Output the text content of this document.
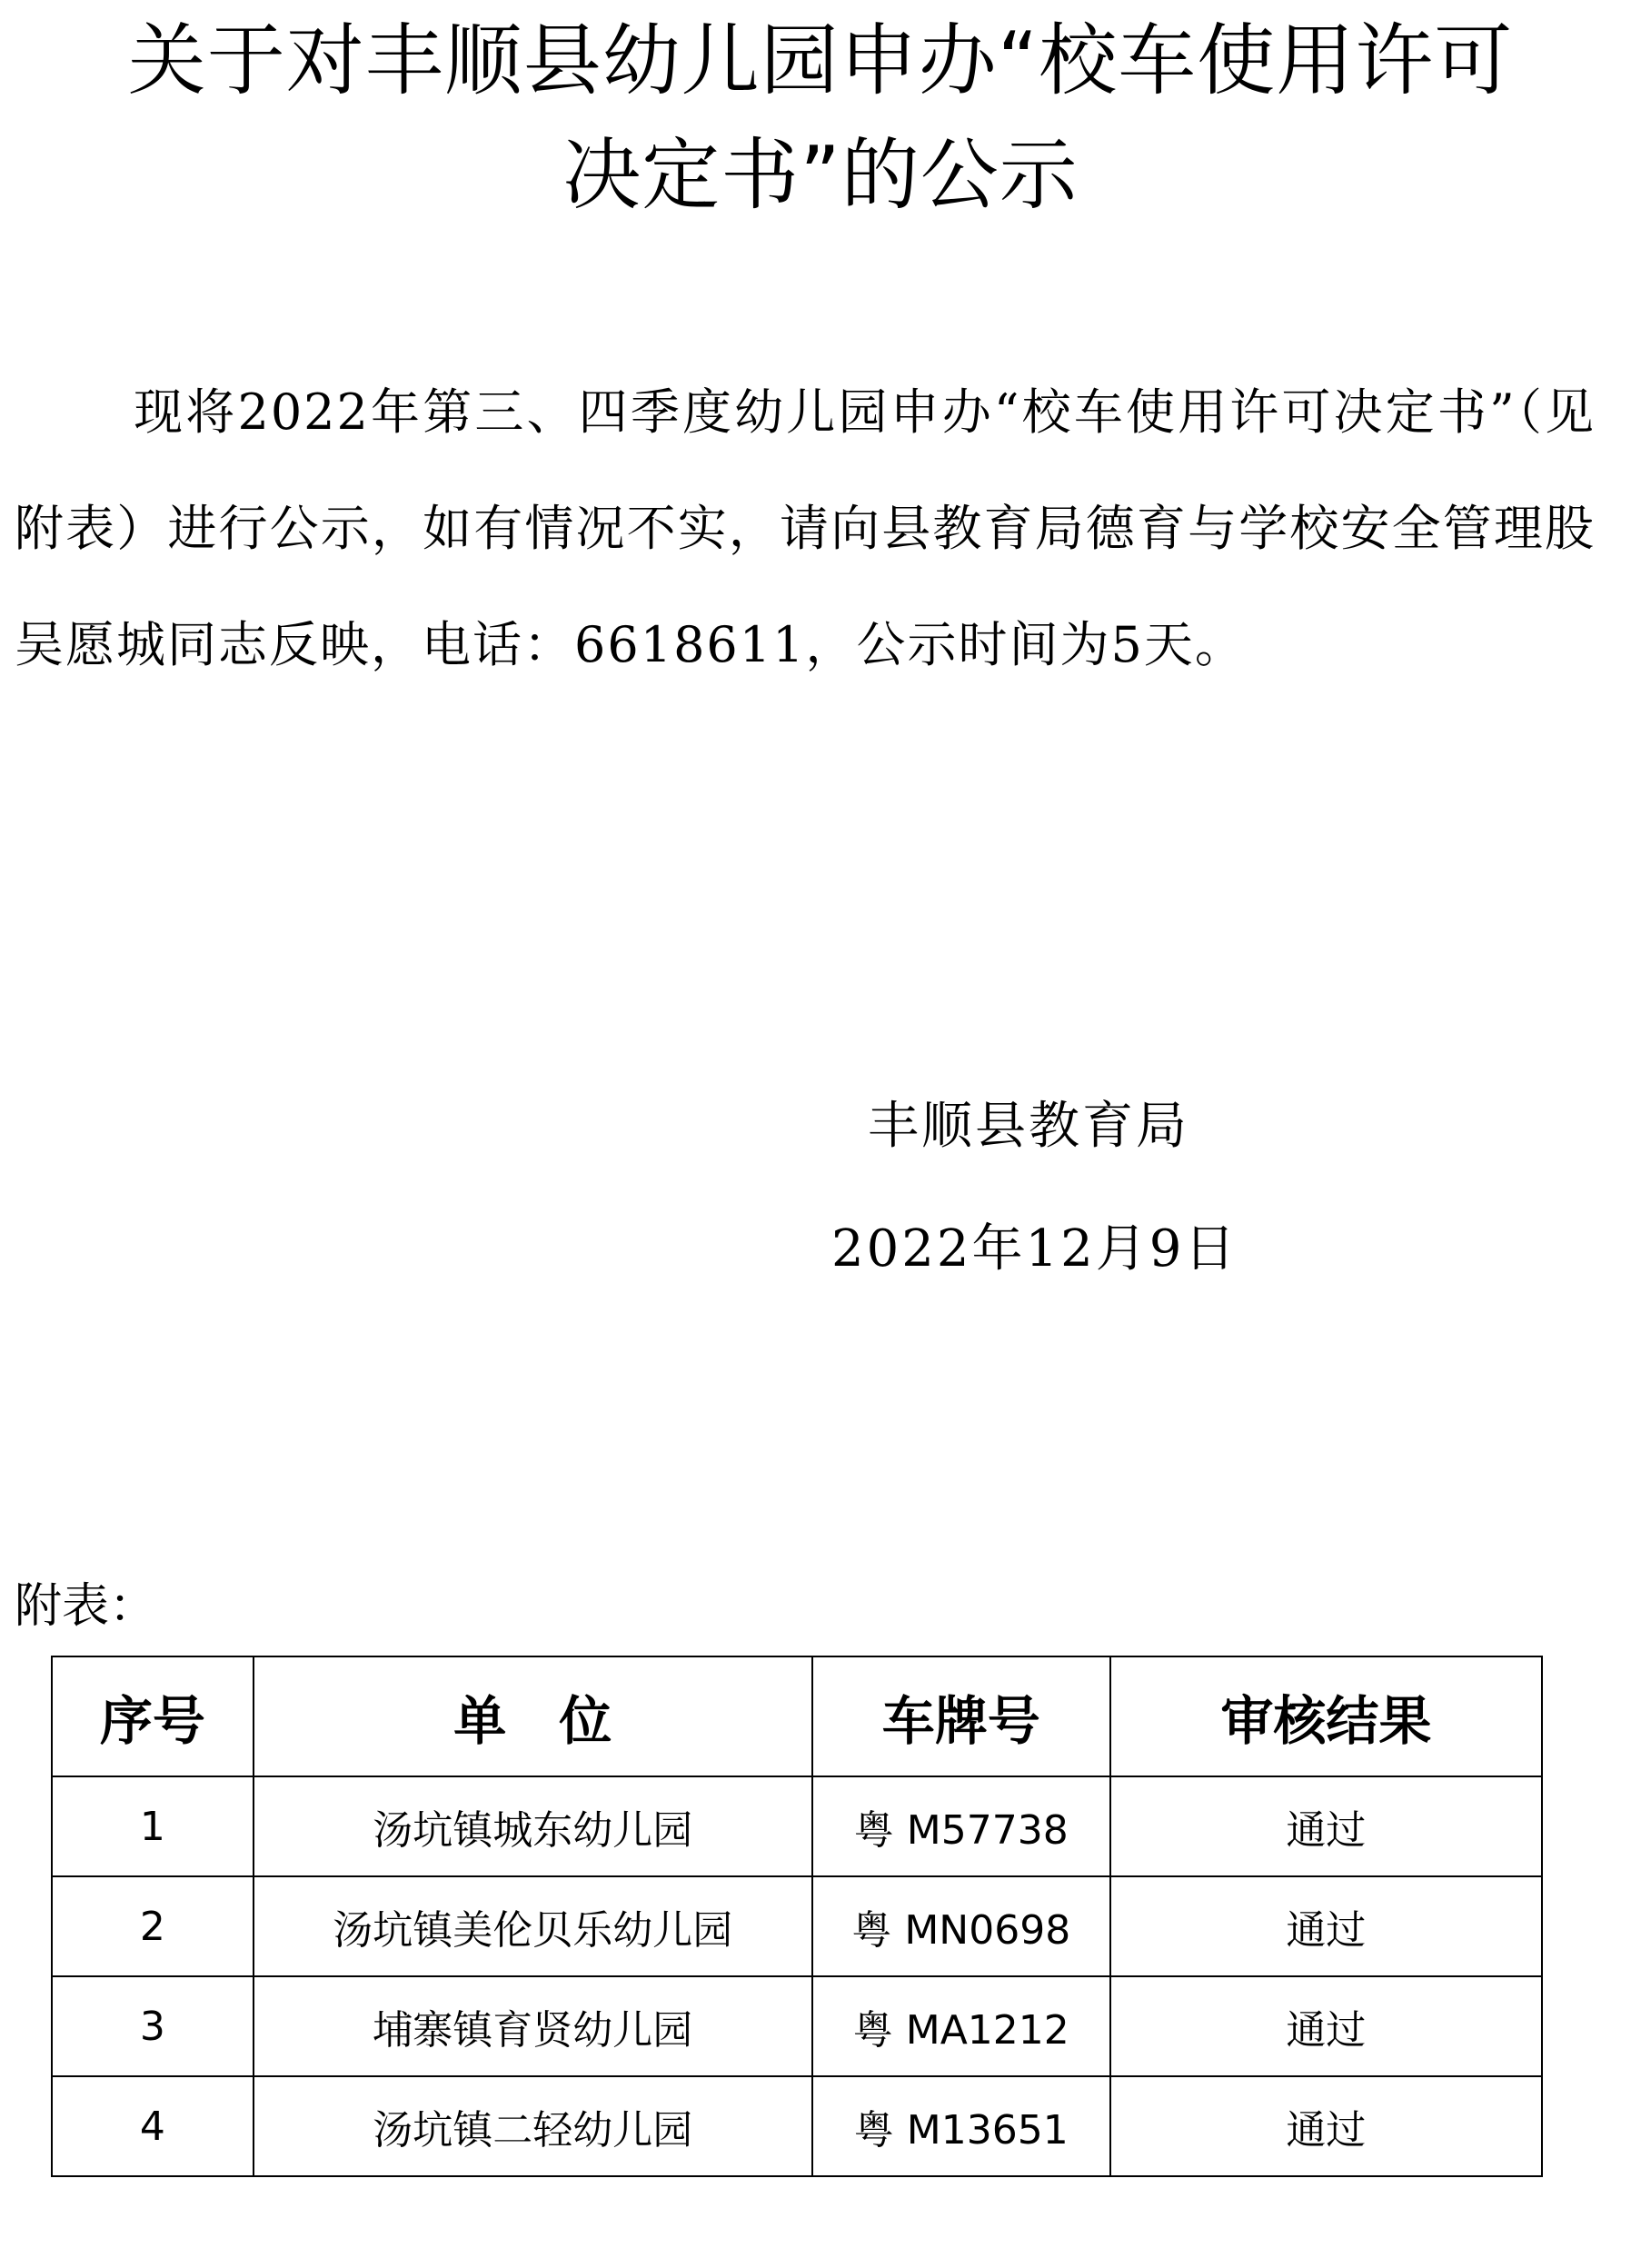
关于对丰顺县幼儿园申办“校车使用许可
决定书”的公示
现将2022年第三、四季度幼儿园申办“校车使用许可决定书”（见附表）进行公示，如有情况不实，请向县教育局德育与学校安全管理股吴愿城同志反映，电话：6618611，公示时间为5天。
丰顺县教育局
2022年12月9日
附表：
序号	单　位	车牌号	审核结果
1	汤坑镇城东幼儿园	粤 M57738	通过
2	汤坑镇美伦贝乐幼儿园	粤 MN0698	通过
3	埔寨镇育贤幼儿园	粤 MA1212	通过
4	汤坑镇二轻幼儿园	粤 M13651	通过
